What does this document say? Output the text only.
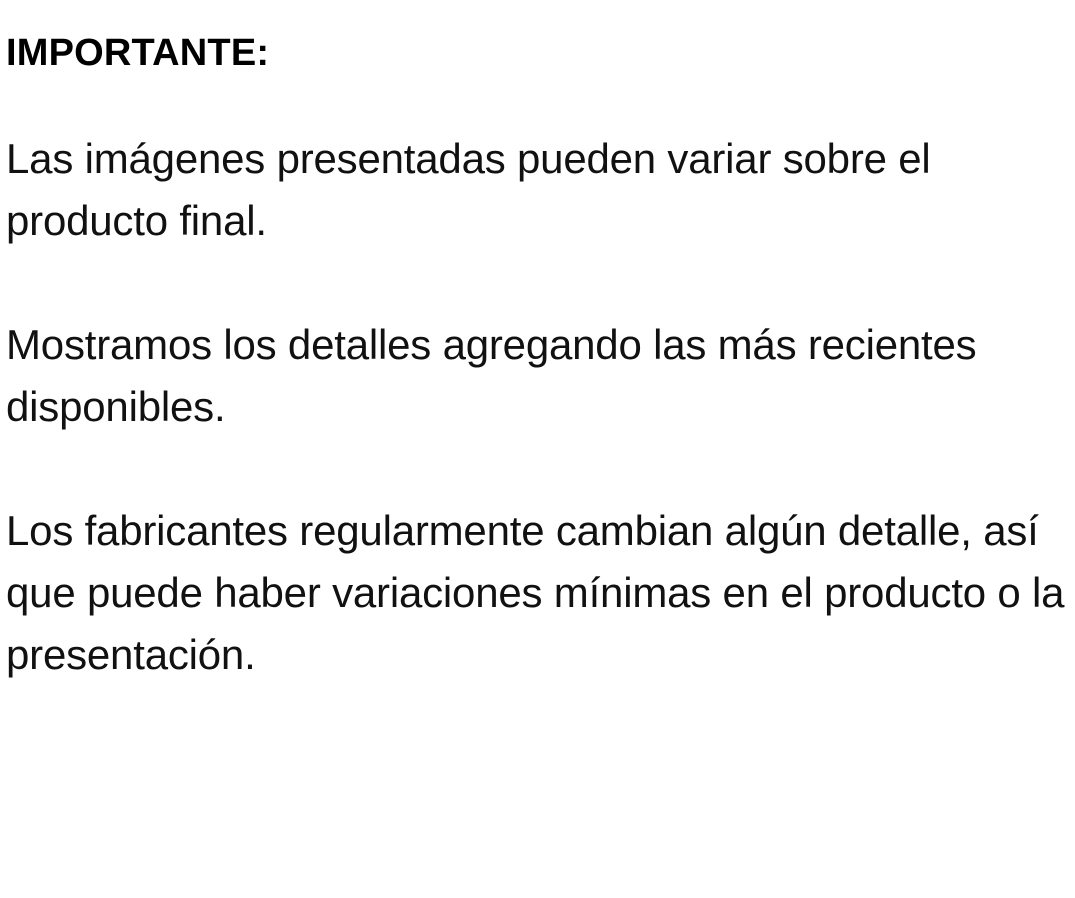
IMPORTANTE:

Las imágenes presentadas pueden variar sobre el producto final.

Mostramos los detalles agregando las más recientes disponibles.

Los fabricantes regularmente cambian algún detalle, así que puede haber variaciones mínimas en el producto o la presentación.
